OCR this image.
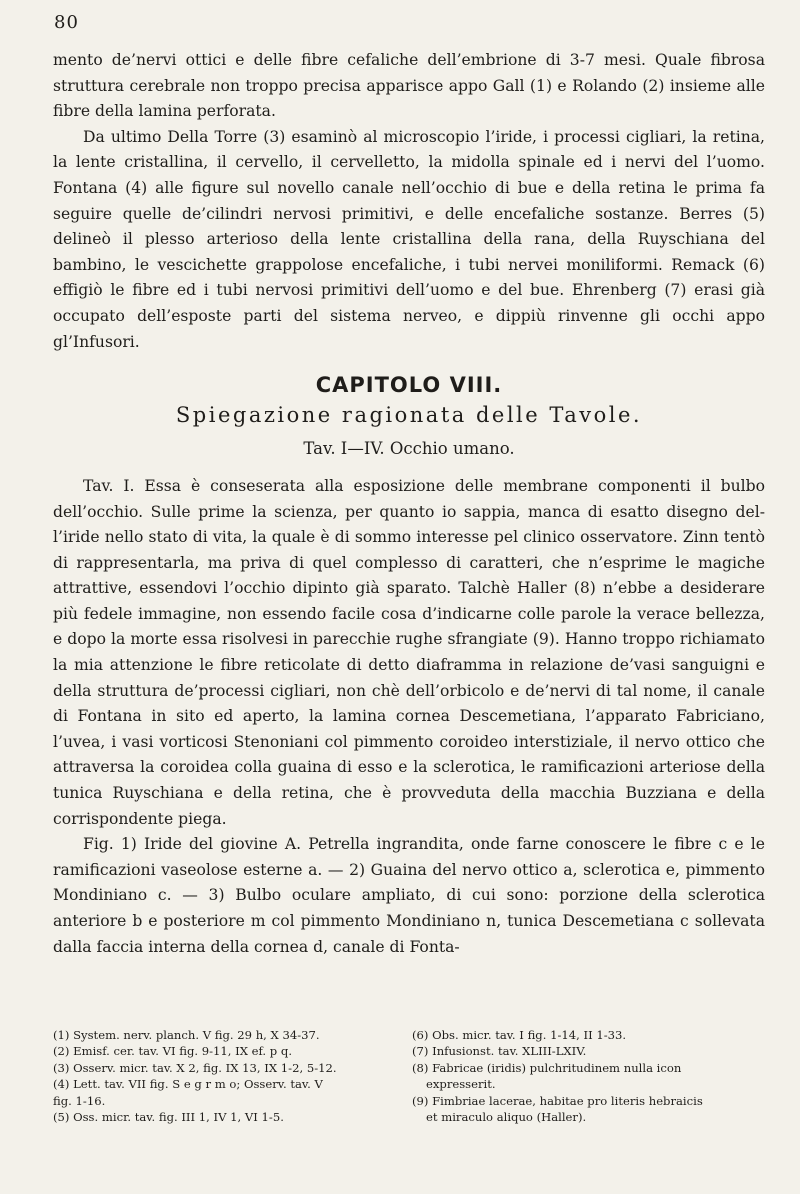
80

mento de’nervi ottici e delle fibre cefaliche dell’embrione di 3-7 mesi. Quale fibrosa struttura cerebrale non troppo precisa apparisce appo Gall (1) e Rolando (2) insieme alle fibre della lamina perforata.

Da ultimo Della Torre (3) esaminò al microscopio l’iride, i processi cigliari, la retina, la lente cristallina, il cervello, il cervelletto, la midolla spinale ed i nervi del l’uomo. Fontana (4) alle figure sul novello canale nell’occhio di bue e della retina le prima fa seguire quelle de’cilindri nervosi primitivi, e delle encefaliche sostanze. Berres (5) delineò il plesso arterioso della lente cristallina della rana, della Ruyschiana del bambino, le vescichette grappolose encefaliche, i tubi nervei moniliformi. Remack (6) effigiò le fibre ed i tubi nervosi primitivi dell’uomo e del bue. Ehrenberg (7) erasi già occupato dell’esposte parti del sistema nerveo, e dippiù rinvenne gli occhi appo gl’Infusori.

CAPITOLO VIII.
Spiegazione ragionata delle Tavole.
Tav. I—IV. Occhio umano.

Tav. I. Essa è conseserata alla esposizione delle membrane componenti il bulbo dell’occhio. Sulle prime la scienza, per quanto io sappia, manca di esatto disegno del-l’iride nello stato di vita, la quale è di sommo interesse pel clinico osservatore. Zinn tentò di rappresentarla, ma priva di quel complesso di caratteri, che n’esprime le magiche attrattive, essendovi l’occhio dipinto già sparato. Talchè Haller (8) n’ebbe a desiderare più fedele immagine, non essendo facile cosa d’indicarne colle parole la verace bellezza, e dopo la morte essa risolvesi in parecchie rughe sfrangiate (9). Hanno troppo richiamato la mia attenzione le fibre reticolate di detto diaframma in relazione de’vasi sanguigni e della struttura de’processi cigliari, non chè dell’orbicolo e de’nervi di tal nome, il canale di Fontana in sito ed aperto, la lamina cornea Descemetiana, l’apparato Fabriciano, l’uvea, i vasi vorticosi Stenoniani col pimmento coroideo interstiziale, il nervo ottico che attraversa la coroidea colla guaina di esso e la sclerotica, le ramificazioni arteriose della tunica Ruyschiana e della retina, che è provveduta della macchia Buzziana e della corrispondente piega.

Fig. 1) Iride del giovine A. Petrella ingrandita, onde farne conoscere le fibre c e le ramificazioni vaseolose esterne a. — 2) Guaina del nervo ottico a, sclerotica e, pimmento Mondiniano c. — 3) Bulbo oculare ampliato, di cui sono: porzione della sclerotica anteriore b e posteriore m col pimmento Mondiniano n, tunica Descemetiana c sollevata dalla faccia interna della cornea d, canale di Fonta-

(1) System. nerv. planch. V fig. 29 h, X 34-37.

(2) Emisf. cer. tav. VI fig. 9-11, IX ef. p q.

(3) Osserv. micr. tav. X 2, fig. IX 13, IX 1-2, 5-12.

(4) Lett. tav. VII fig. S e g r m o; Osserv. tav. V

fig. 1-16.

(5) Oss. micr. tav. fig. III 1, IV 1, VI 1-5.

(6) Obs. micr. tav. I fig. 1-14, II 1-33.

(7) Infusionst. tav. XLIII-LXIV.

(8) Fabricae (iridis) pulchritudinem nulla icon

expresserit.

(9) Fimbriae lacerae, habitae pro literis hebraicis

et miraculo aliquo (Haller).
